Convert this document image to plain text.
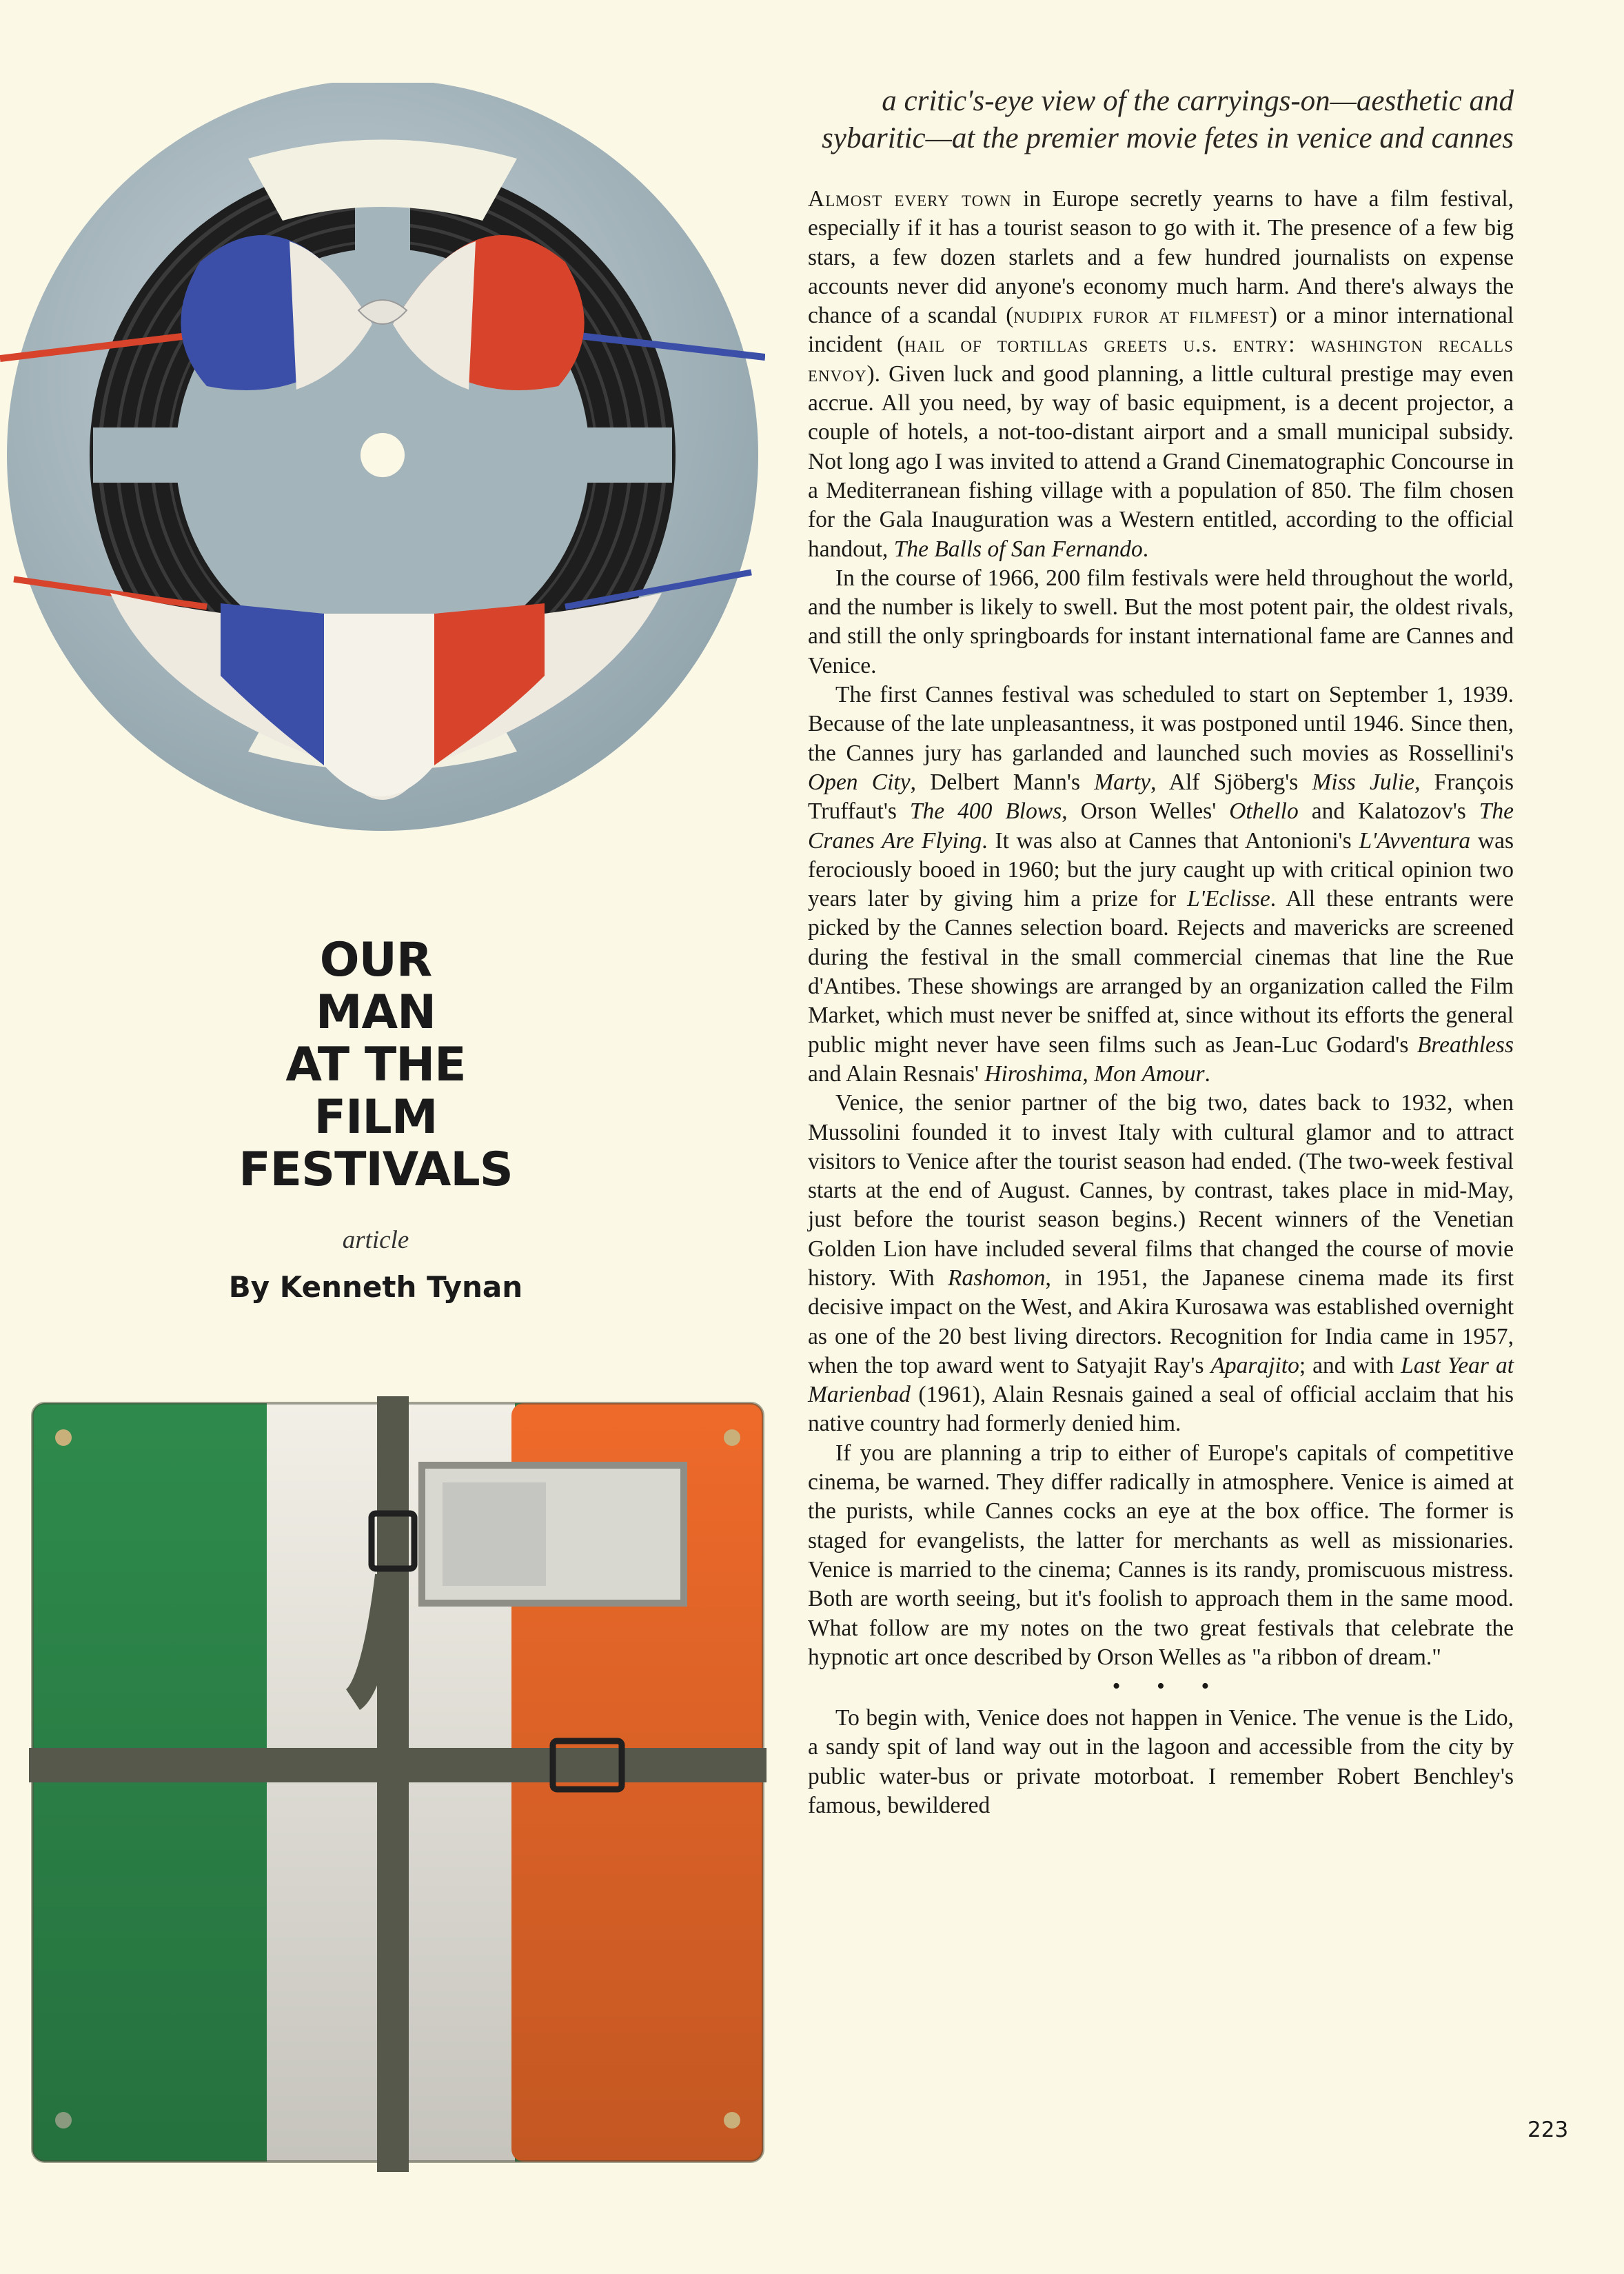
OUR
MAN
AT THE
FILM
FESTIVALS
article
By Kenneth Tynan
a critic's-eye view of the carryings-on—aesthetic and
sybaritic—at the premier movie fetes in venice and cannes

Almost every town in Europe secretly yearns to have a film festival, especially if it has a tourist season to go with it. The presence of a few big stars, a few dozen starlets and a few hundred journalists on expense accounts never did anyone's economy much harm. And there's always the chance of a scandal (nudipix furor at filmfest) or a minor international incident (hail of tortillas greets u.s. entry: washington recalls envoy). Given luck and good planning, a little cultural prestige may even accrue. All you need, by way of basic equipment, is a decent projector, a couple of hotels, a not-too-distant airport and a small municipal subsidy. Not long ago I was invited to attend a Grand Cinematographic Concourse in a Mediterranean fishing village with a population of 850. The film chosen for the Gala Inauguration was a Western entitled, according to the official handout, The Balls of San Fernando.

In the course of 1966, 200 film festivals were held throughout the world, and the number is likely to swell. But the most potent pair, the oldest rivals, and still the only springboards for instant international fame are Cannes and Venice.

The first Cannes festival was scheduled to start on September 1, 1939. Because of the late unpleasantness, it was postponed until 1946. Since then, the Cannes jury has garlanded and launched such movies as Rossellini's Open City, Delbert Mann's Marty, Alf Sjöberg's Miss Julie, François Truffaut's The 400 Blows, Orson Welles' Othello and Kalatozov's The Cranes Are Flying. It was also at Cannes that Antonioni's L'Avventura was ferociously booed in 1960; but the jury caught up with critical opinion two years later by giving him a prize for L'Eclisse. All these entrants were picked by the Cannes selection board. Rejects and mavericks are screened during the festival in the small commercial cinemas that line the Rue d'Antibes. These showings are arranged by an organization called the Film Market, which must never be sniffed at, since without its efforts the general public might never have seen films such as Jean-Luc Godard's Breathless and Alain Resnais' Hiroshima, Mon Amour.

Venice, the senior partner of the big two, dates back to 1932, when Mussolini founded it to invest Italy with cultural glamor and to attract visitors to Venice after the tourist season had ended. (The two-week festival starts at the end of August. Cannes, by contrast, takes place in mid-May, just before the tourist season begins.) Recent winners of the Venetian Golden Lion have included several films that changed the course of movie history. With Rashomon, in 1951, the Japanese cinema made its first decisive impact on the West, and Akira Kurosawa was established overnight as one of the 20 best living directors. Recognition for India came in 1957, when the top award went to Satyajit Ray's Aparajito; and with Last Year at Marienbad (1961), Alain Resnais gained a seal of official acclaim that his native country had formerly denied him.

If you are planning a trip to either of Europe's capitals of competitive cinema, be warned. They differ radically in atmosphere. Venice is aimed at the purists, while Cannes cocks an eye at the box office. The former is staged for evangelists, the latter for merchants as well as missionaries. Venice is married to the cinema; Cannes is its randy, promiscuous mistress. Both are worth seeing, but it's foolish to approach them in the same mood. What follow are my notes on the two great festivals that celebrate the hypnotic art once described by Orson Welles as "a ribbon of dream."

• • •

To begin with, Venice does not happen in Venice. The venue is the Lido, a sandy spit of land way out in the lagoon and accessible from the city by public water-bus or private motorboat. I remember Robert Benchley's famous, bewildered

223
